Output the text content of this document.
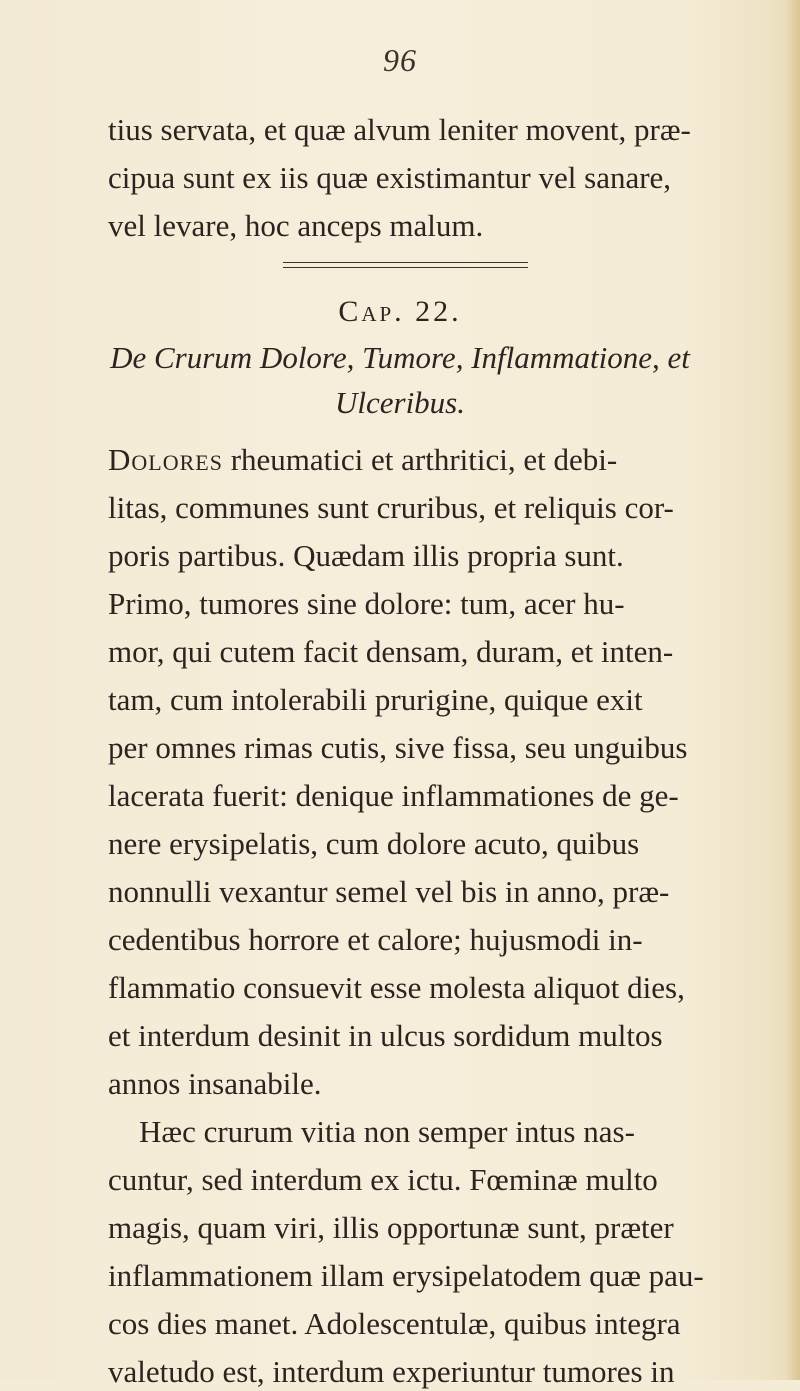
96
tius servata, et quæ alvum leniter movent, præ-
cipua sunt ex iis quæ existimantur vel sanare,
vel levare, hoc anceps malum.
Cap. 22.
De Crurum Dolore, Tumore, Inflammatione, et
Ulceribus.
Dolores rheumatici et arthritici, et debi-
litas, communes sunt cruribus, et reliquis cor-
poris partibus. Quædam illis propria sunt.
Primo, tumores sine dolore: tum, acer hu-
mor, qui cutem facit densam, duram, et inten-
tam, cum intolerabili prurigine, quique exit
per omnes rimas cutis, sive fissa, seu unguibus
lacerata fuerit: denique inflammationes de ge-
nere erysipelatis, cum dolore acuto, quibus
nonnulli vexantur semel vel bis in anno, præ-
cedentibus horrore et calore; hujusmodi in-
flammatio consuevit esse molesta aliquot dies,
et interdum desinit in ulcus sordidum multos
annos insanabile.
Hæc crurum vitia non semper intus nas-
cuntur, sed interdum ex ictu. Fœminæ multo
magis, quam viri, illis opportunæ sunt, præter
inflammationem illam erysipelatodem quæ pau-
cos dies manet. Adolescentulæ, quibus integra
valetudo est, interdum experiuntur tumores in
